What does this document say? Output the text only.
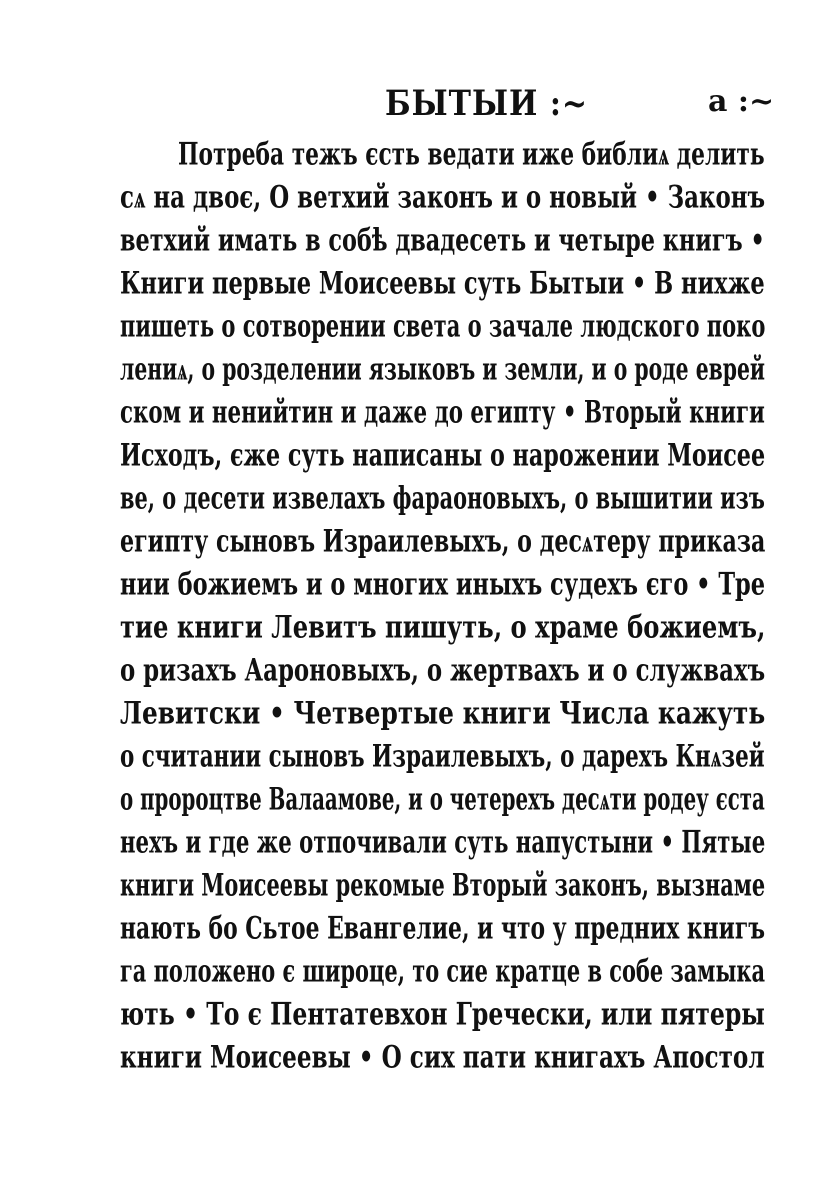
БЫТЫИ :~	а :~
Потреба тежъ єсть ведати иже библиѧ делить
сѧ на двоє, О ветхий законъ и о новый • Законъ
ветхий имать в собѣ двадесеть и четыре книгъ •
Книги первые Моисеевы суть Бытыи • В нихже
пишеть о сотворении света о зачале людского поко
лениѧ, о розделении языковъ и земли, и о роде еврей
ском и ненийтин и даже до египту • Вторый книги
Исходъ, єже суть написаны о нарожении Моисее
ве, о десети извелахъ фараоновыхъ, о вышитии изъ
египту сыновъ Израилевыхъ, о десѧтеру приказа
нии божиемъ и о многих иныхъ судехъ єго • Тре
тие книги Левитъ пишуть, о храме божиемъ,
о ризахъ Аароновыхъ, о жертвахъ и о служвахъ
Левитски • Четвертые книги Числа кажуть
о считании сыновъ Израилевыхъ, о дарехъ Кнѧзей
о пророцтве Валаамове, и о четерехъ десѧти родеу єста
нехъ и где же отпочивали суть напустыни • Пятые
книги Моисеевы рекомые Вторый законъ, вызнаме
нають бо Сьтое Евангелие, и что у предних книгъ
га положено є широце, то сие кратце в собе замыка
ють • То є Пентатевхон Гречески, или пятеры
книги Моисеевы • О сих пати книгахъ Апостол
